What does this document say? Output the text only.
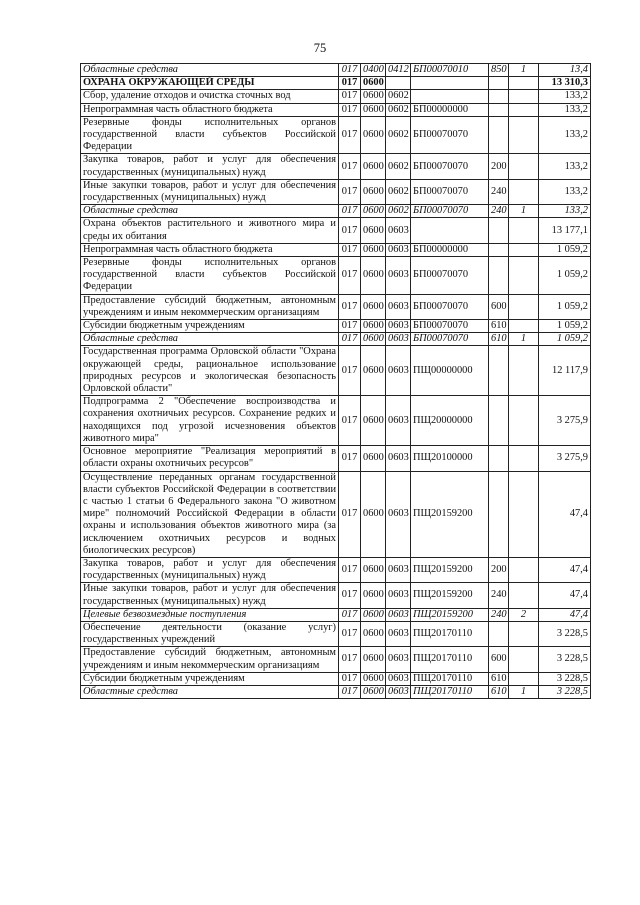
75
Областные средства	017	0400	0412	БП00070010	850	1	13,4
ОХРАНА ОКРУЖАЮЩЕЙ СРЕДЫ	017	0600					13 310,3
Сбор, удаление отходов и очистка сточных вод	017	0600	0602				133,2
Непрограммная часть областного бюджета	017	0600	0602	БП00000000			133,2
Резервные фонды исполнительных органов государственной власти субъектов Российской Федерации	017	0600	0602	БП00070070			133,2
Закупка товаров, работ и услуг для обеспечения государственных (муниципальных) нужд	017	0600	0602	БП00070070	200		133,2
Иные закупки товаров, работ и услуг для обеспечения государственных (муниципальных) нужд	017	0600	0602	БП00070070	240		133,2
Областные средства	017	0600	0602	БП00070070	240	1	133,2
Охрана объектов растительного и животного мира и среды их обитания	017	0600	0603				13 177,1
Непрограммная часть областного бюджета	017	0600	0603	БП00000000			1 059,2
Резервные фонды исполнительных органов государственной власти субъектов Российской Федерации	017	0600	0603	БП00070070			1 059,2
Предоставление субсидий бюджетным, автономным учреждениям и иным некоммерческим организациям	017	0600	0603	БП00070070	600		1 059,2
Субсидии бюджетным учреждениям	017	0600	0603	БП00070070	610		1 059,2
Областные средства	017	0600	0603	БП00070070	610	1	1 059,2
Государственная программа Орловской области "Охрана окружающей среды, рациональное использование природных ресурсов и экологическая безопасность Орловской области"	017	0600	0603	ПЩ00000000			12 117,9
Подпрограмма 2 "Обеспечение воспроизводства и сохранения охотничьих ресурсов. Сохранение редких и находящихся под угрозой исчезновения объектов животного мира"	017	0600	0603	ПЩ20000000			3 275,9
Основное мероприятие "Реализация мероприятий в области охраны охотничьих ресурсов"	017	0600	0603	ПЩ20100000			3 275,9
Осуществление переданных органам государственной власти субъектов Российской Федерации в соответствии с частью 1 статьи 6 Федерального закона "О животном мире" полномочий Российской Федерации в области охраны и использования объектов животного мира (за исключением охотничьих ресурсов и водных биологических ресурсов)	017	0600	0603	ПЩ20159200			47,4
Закупка товаров, работ и услуг для обеспечения государственных (муниципальных) нужд	017	0600	0603	ПЩ20159200	200		47,4
Иные закупки товаров, работ и услуг для обеспечения государственных (муниципальных) нужд	017	0600	0603	ПЩ20159200	240		47,4
Целевые безвозмездные поступления	017	0600	0603	ПЩ20159200	240	2	47,4
Обеспечение деятельности (оказание услуг) государственных учреждений	017	0600	0603	ПЩ20170110			3 228,5
Предоставление субсидий бюджетным, автономным учреждениям и иным некоммерческим организациям	017	0600	0603	ПЩ20170110	600		3 228,5
Субсидии бюджетным учреждениям	017	0600	0603	ПЩ20170110	610		3 228,5
Областные средства	017	0600	0603	ПЩ20170110	610	1	3 228,5
